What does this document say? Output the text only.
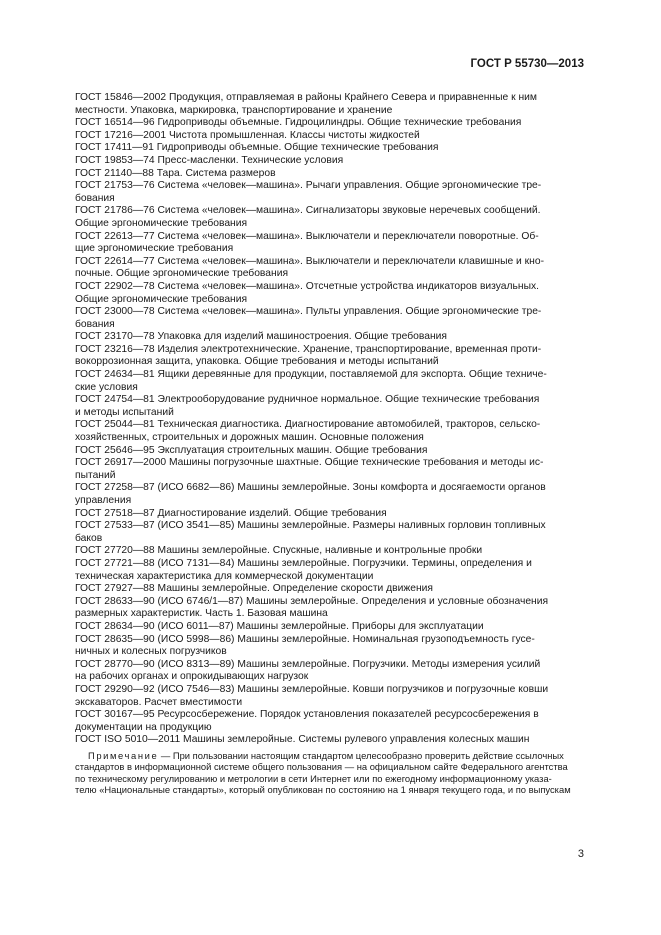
ГОСТ Р 55730—2013
ГОСТ 15846—2002 Продукция, отправляемая в районы Крайнего Севера и приравненные к ним
местности. Упаковка, маркировка, транспортирование и хранение
ГОСТ 16514—96 Гидроприводы объемные. Гидроцилиндры. Общие технические требования
ГОСТ 17216—2001 Чистота промышленная. Классы чистоты жидкостей
ГОСТ 17411—91 Гидроприводы объемные. Общие технические требования
ГОСТ 19853—74 Пресс-масленки. Технические условия
ГОСТ 21140—88 Тара. Система размеров
ГОСТ 21753—76 Система «человек—машина». Рычаги управления. Общие эргономические тре-
бования
ГОСТ 21786—76 Система «человек—машина». Сигнализаторы звуковые неречевых сообщений.
Общие эргономические требования
ГОСТ 22613—77 Система «человек—машина». Выключатели и переключатели поворотные. Об-
щие эргономические требования
ГОСТ 22614—77 Система «человек—машина». Выключатели и переключатели клавишные и кно-
почные. Общие эргономические требования
ГОСТ 22902—78 Система «человек—машина». Отсчетные устройства индикаторов визуальных.
Общие эргономические требования
ГОСТ 23000—78 Система «человек—машина». Пульты управления. Общие эргономические тре-
бования
ГОСТ 23170—78 Упаковка для изделий машиностроения. Общие требования
ГОСТ 23216—78 Изделия электротехнические. Хранение, транспортирование, временная проти-
вокоррозионная защита, упаковка. Общие требования и методы испытаний
ГОСТ 24634—81 Ящики деревянные для продукции, поставляемой для экспорта. Общие техниче-
ские условия
ГОСТ 24754—81 Электрооборудование рудничное нормальное. Общие технические требования
и методы испытаний
ГОСТ 25044—81 Техническая диагностика. Диагностирование автомобилей, тракторов, сельско-
хозяйственных, строительных и дорожных машин. Основные положения
ГОСТ 25646—95 Эксплуатация строительных машин. Общие требования
ГОСТ 26917—2000 Машины погрузочные шахтные. Общие технические требования и методы ис-
пытаний
ГОСТ 27258—87 (ИСО 6682—86) Машины землеройные. Зоны комфорта и досягаемости органов
управления
ГОСТ 27518—87 Диагностирование изделий. Общие требования
ГОСТ 27533—87 (ИСО 3541—85) Машины землеройные. Размеры наливных горловин топливных
баков
ГОСТ 27720—88 Машины землеройные. Спускные, наливные и контрольные пробки
ГОСТ 27721—88 (ИСО 7131—84) Машины землеройные. Погрузчики. Термины, определения и
техническая характеристика для коммерческой документации
ГОСТ 27927—88 Машины землеройные. Определение скорости движения
ГОСТ 28633—90 (ИСО 6746/1—87) Машины землеройные. Определения и условные обозначения
размерных характеристик. Часть 1. Базовая машина
ГОСТ 28634—90 (ИСО 6011—87) Машины землеройные. Приборы для эксплуатации
ГОСТ 28635—90 (ИСО 5998—86) Машины землеройные. Номинальная грузоподъемность гусе-
ничных и колесных погрузчиков
ГОСТ 28770—90 (ИСО 8313—89) Машины землеройные. Погрузчики. Методы измерения усилий
на рабочих органах и опрокидывающих нагрузок
ГОСТ 29290—92 (ИСО 7546—83) Машины землеройные. Ковши погрузчиков и погрузочные ковши
экскаваторов. Расчет вместимости
ГОСТ 30167—95 Ресурсосбережение. Порядок установления показателей ресурсосбережения в
документации на продукцию
ГОСТ ISO 5010—2011 Машины землеройные. Системы рулевого управления колесных машин
Примечание — При пользовании настоящим стандартом целесообразно проверить действие ссылочных
стандартов в информационной системе общего пользования — на официальном сайте Федерального агентства
по техническому регулированию и метрологии в сети Интернет или по ежегодному информационному указа-
телю «Национальные стандарты», который опубликован по состоянию на 1 января текущего года, и по выпускам
3
